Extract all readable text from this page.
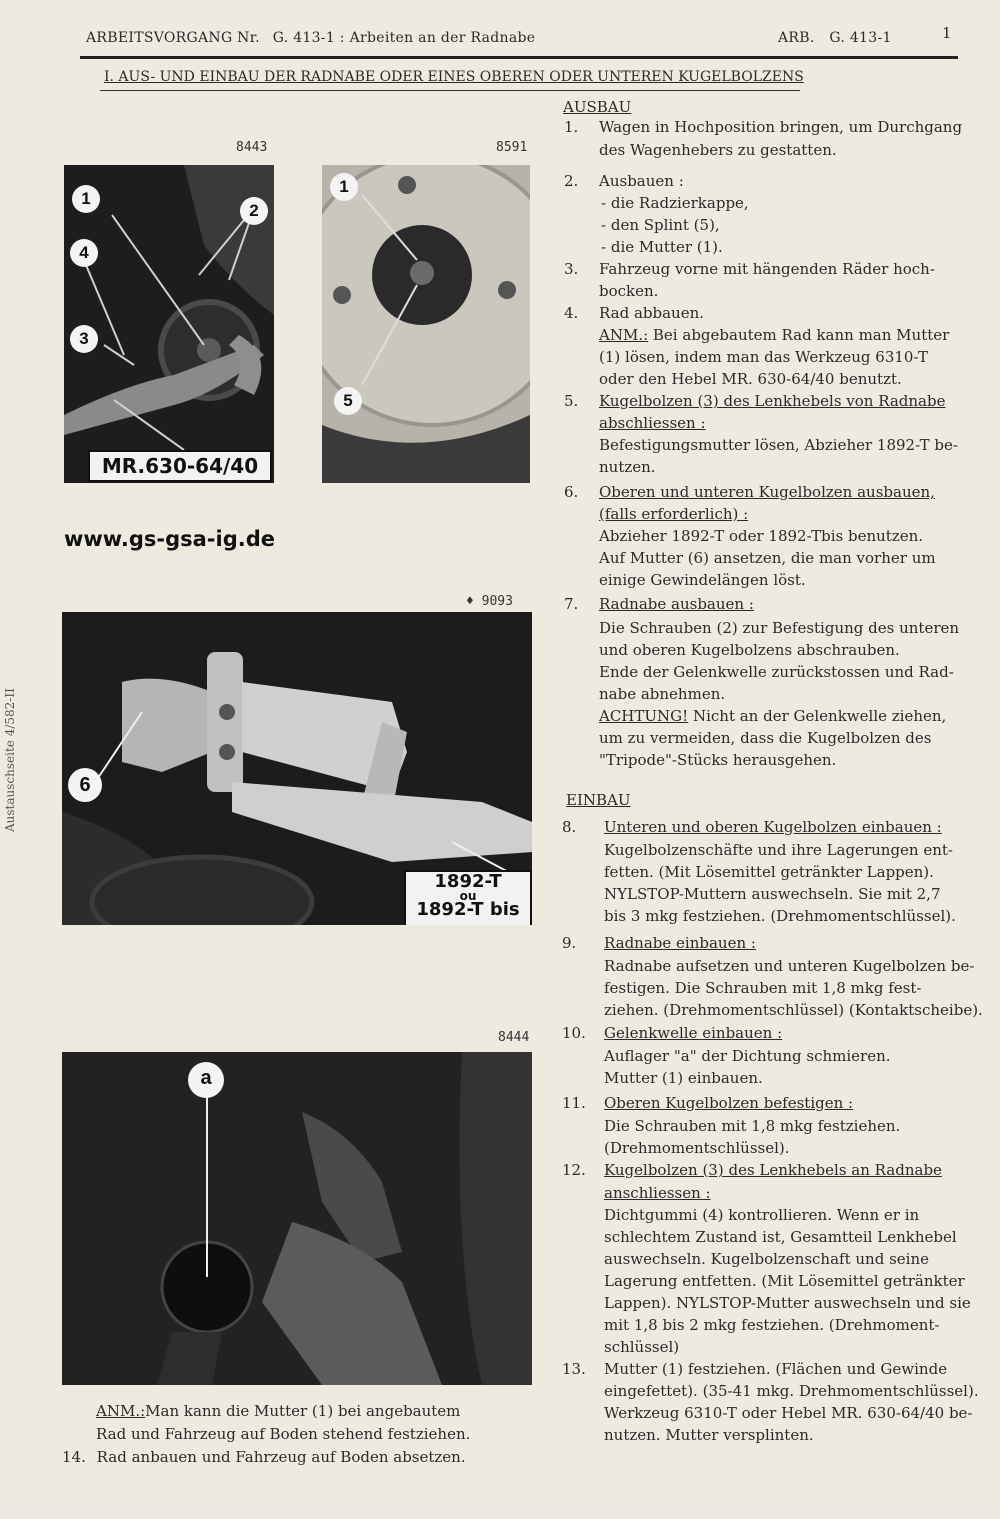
ARBEITSVORGANG Nr. G. 413-1 : Arbeiten an der Radnabe	ARB. G. 413-1	1
I. AUS- UND EINBAU DER RADNABE ODER EINES OBEREN ODER UNTEREN KUGELBOLZENS
Austauschseite 4/582-II
8443
1
2
4
3
MR.630-64/40
8591
1
5
www.gs-gsa-ig.de
♦ 9093
6
1892-T
ou
1892-T bis
8444
a
ANM.:Man kann die Mutter (1) bei angebautem
Rad und Fahrzeug auf Boden stehend festziehen.
14. Rad anbauen und Fahrzeug auf Boden absetzen.
AUSBAU
1. Wagen in Hochposition bringen, um Durchgang
des Wagenhebers zu gestatten.
2. Ausbauen :
- die Radzierkappe,
- den Splint (5),
- die Mutter (1).
3. Fahrzeug vorne mit hängenden Räder hoch-
bocken.
4. Rad abbauen.
ANM.: Bei abgebautem Rad kann man Mutter
(1) lösen, indem man das Werkzeug 6310-T
oder den Hebel MR. 630-64/40 benutzt.
5. Kugelbolzen (3) des Lenkhebels von Radnabe
abschliessen :
Befestigungsmutter lösen, Abzieher 1892-T be-
nutzen.
6. Oberen und unteren Kugelbolzen ausbauen,
(falls erforderlich) :
Abzieher 1892-T oder 1892-Tbis benutzen.
Auf Mutter (6) ansetzen, die man vorher um
einige Gewindelängen löst.
7. Radnabe ausbauen :
Die Schrauben (2) zur Befestigung des unteren
und oberen Kugelbolzens abschrauben.
Ende der Gelenkwelle zurückstossen und Rad-
nabe abnehmen.
ACHTUNG! Nicht an der Gelenkwelle ziehen,
um zu vermeiden, dass die Kugelbolzen des
"Tripode"-Stücks herausgehen.
EINBAU
8. Unteren und oberen Kugelbolzen einbauen :
Kugelbolzenschäfte und ihre Lagerungen ent-
fetten. (Mit Lösemittel getränkter Lappen).
NYLSTOP-Muttern auswechseln. Sie mit 2,7
bis 3 mkg festziehen. (Drehmomentschlüssel).
9. Radnabe einbauen :
Radnabe aufsetzen und unteren Kugelbolzen be-
festigen. Die Schrauben mit 1,8 mkg fest-
ziehen. (Drehmomentschlüssel) (Kontaktscheibe).
10. Gelenkwelle einbauen :
Auflager "a" der Dichtung schmieren.
Mutter (1) einbauen.
11. Oberen Kugelbolzen befestigen :
Die Schrauben mit 1,8 mkg festziehen.
(Drehmomentschlüssel).
12. Kugelbolzen (3) des Lenkhebels an Radnabe
anschliessen :
Dichtgummi (4) kontrollieren. Wenn er in
schlechtem Zustand ist, Gesamtteil Lenkhebel
auswechseln. Kugelbolzenschaft und seine
Lagerung entfetten. (Mit Lösemittel getränkter
Lappen). NYLSTOP-Mutter auswechseln und sie
mit 1,8 bis 2 mkg festziehen. (Drehmoment-
schlüssel)
13. Mutter (1) festziehen. (Flächen und Gewinde
eingefettet). (35-41 mkg. Drehmomentschlüssel).
Werkzeug 6310-T oder Hebel MR. 630-64/40 be-
nutzen. Mutter versplinten.
